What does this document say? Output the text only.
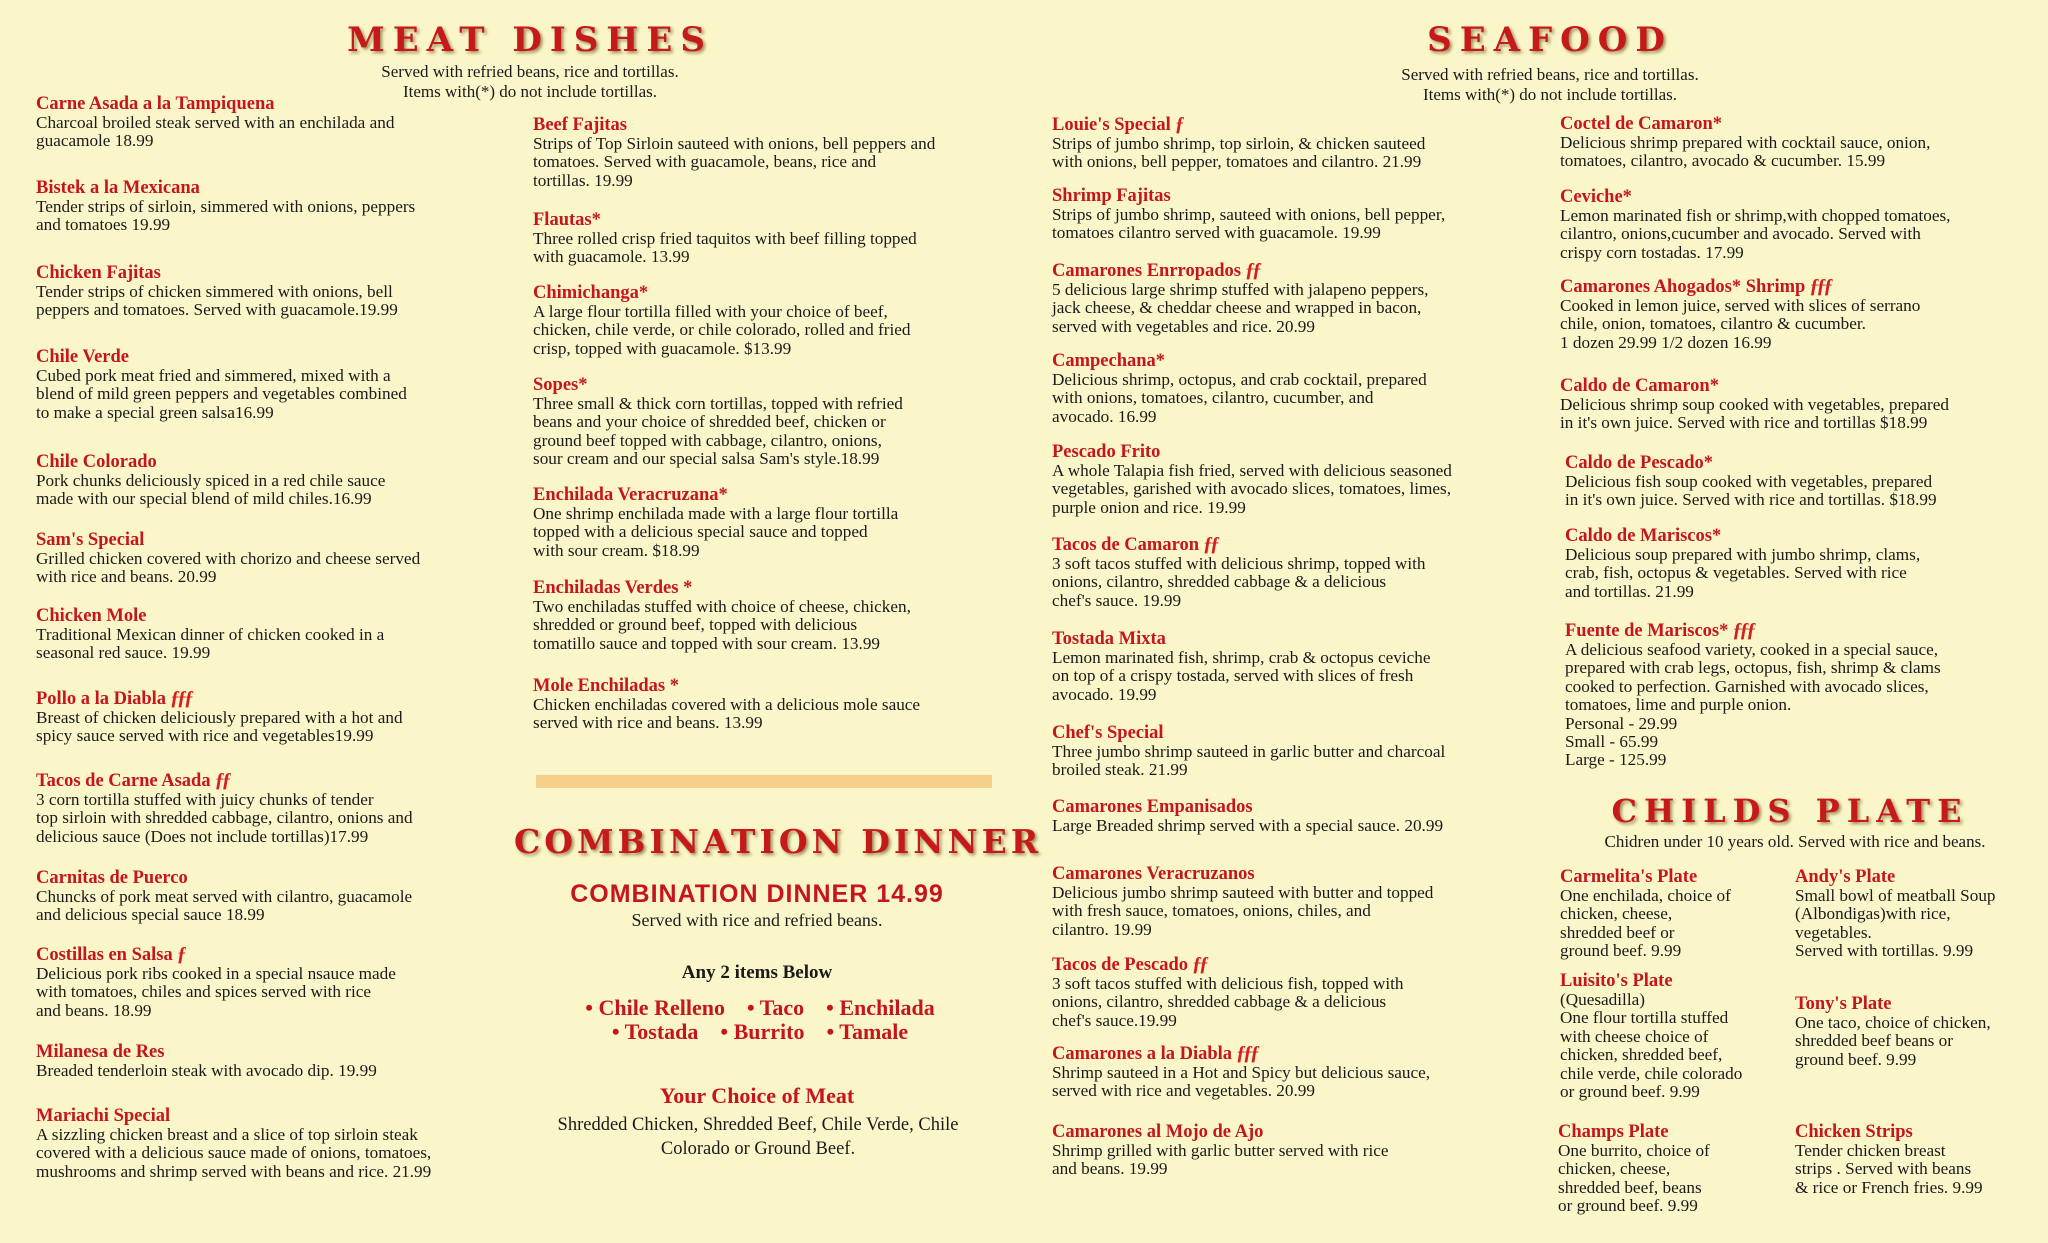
MEAT DISHES
Served with refried beans, rice and tortillas.
Items with(*) do not include tortillas.
Carne Asada a la Tampiquena
Charcoal broiled steak served with an enchilada and
guacamole 18.99
Bistek a la Mexicana
Tender strips of sirloin, simmered with onions, peppers
and tomatoes 19.99
Chicken Fajitas
Tender strips of chicken simmered with onions, bell
peppers and tomatoes. Served with guacamole.19.99
Chile Verde
Cubed pork meat fried and simmered, mixed with a
blend of mild green peppers and vegetables combined
to make a special green salsa16.99
Chile Colorado
Pork chunks deliciously spiced in a red chile sauce
made with our special blend of mild chiles.16.99
Sam's Special
Grilled chicken covered with chorizo and cheese served
with rice and beans. 20.99
Chicken Mole
Traditional Mexican dinner of chicken cooked in a
seasonal red sauce. 19.99
Pollo a la Diabla ƒƒƒ
Breast of chicken deliciously prepared with a hot and
spicy sauce served with rice and vegetables19.99
Tacos de Carne Asada ƒƒ
3 corn tortilla stuffed with juicy chunks of tender
top sirloin with shredded cabbage, cilantro, onions and
delicious sauce (Does not include tortillas)17.99
Carnitas de Puerco
Chuncks of pork meat served with cilantro, guacamole
and delicious special sauce 18.99
Costillas en Salsa ƒ
Delicious pork ribs cooked in a special nsauce made
with tomatoes, chiles and spices served with rice
and beans. 18.99
Milanesa de Res
Breaded tenderloin steak with avocado dip. 19.99
Mariachi Special
A sizzling chicken breast and a slice of top sirloin steak
covered with a delicious sauce made of onions, tomatoes,
mushrooms and shrimp served with beans and rice. 21.99
Beef Fajitas
Strips of Top Sirloin sauteed with onions, bell peppers and
tomatoes. Served with guacamole, beans, rice and
tortillas. 19.99
Flautas*
Three rolled crisp fried taquitos with beef filling topped
with guacamole. 13.99
Chimichanga*
A large flour tortilla filled with your choice of beef,
chicken, chile verde, or chile colorado, rolled and fried
crisp, topped with guacamole. $13.99
Sopes*
Three small & thick corn tortillas, topped with refried
beans and your choice of shredded beef, chicken or
ground beef topped with cabbage, cilantro, onions,
sour cream and our special salsa Sam's style.18.99
Enchilada Veracruzana*
One shrimp enchilada made with a large flour tortilla
topped with a delicious special sauce and topped
with sour cream. $18.99
Enchiladas Verdes *
Two enchiladas stuffed with choice of cheese, chicken,
shredded or ground beef, topped with delicious
tomatillo sauce and topped with sour cream. 13.99
Mole Enchiladas *
Chicken enchiladas covered with a delicious mole sauce
served with rice and beans. 13.99
COMBINATION DINNER
COMBINATION DINNER 14.99
Served with rice and refried beans.
Any 2 items Below
• Chile Relleno    • Taco    • Enchilada
• Tostada    • Burrito    • Tamale
Your Choice of Meat
Shredded Chicken, Shredded Beef, Chile Verde, Chile Colorado or Ground Beef.
SEAFOOD
Served with refried beans, rice and tortillas.
Items with(*) do not include tortillas.
Louie's Special ƒ
Strips of jumbo shrimp, top sirloin, & chicken sauteed
with onions, bell pepper, tomatoes and cilantro. 21.99
Shrimp Fajitas
Strips of jumbo shrimp, sauteed with onions, bell pepper,
tomatoes cilantro served with guacamole. 19.99
Camarones Enrropados ƒƒ
5 delicious large shrimp stuffed with jalapeno peppers,
jack cheese, & cheddar cheese and wrapped in bacon,
served with vegetables and rice. 20.99
Campechana*
Delicious shrimp, octopus, and crab cocktail, prepared
with onions, tomatoes, cilantro, cucumber, and
avocado. 16.99
Pescado Frito
A whole Talapia fish fried, served with delicious seasoned
vegetables, garished with avocado slices, tomatoes, limes,
purple onion and rice. 19.99
Tacos de Camaron ƒƒ
3 soft tacos stuffed with delicious shrimp, topped with
onions, cilantro, shredded cabbage & a delicious
chef's sauce. 19.99
Tostada Mixta
Lemon marinated fish, shrimp, crab & octopus ceviche
on top of a crispy tostada, served with slices of fresh
avocado. 19.99
Chef's Special
Three jumbo shrimp sauteed in garlic butter and charcoal
broiled steak. 21.99
Camarones Empanisados
Large Breaded shrimp served with a special sauce. 20.99
Camarones Veracruzanos
Delicious jumbo shrimp sauteed with butter and topped
with fresh sauce, tomatoes, onions, chiles, and
cilantro. 19.99
Tacos de Pescado ƒƒ
3 soft tacos stuffed with delicious fish, topped with
onions, cilantro, shredded cabbage & a delicious
chef's sauce.19.99
Camarones a la Diabla ƒƒƒ
Shrimp sauteed in a Hot and Spicy but delicious sauce,
served with rice and vegetables. 20.99
Camarones al Mojo de Ajo
Shrimp grilled with garlic butter served with rice
and beans. 19.99
Coctel de Camaron*
Delicious shrimp prepared with cocktail sauce, onion,
tomatoes, cilantro, avocado & cucumber. 15.99
Ceviche*
Lemon marinated fish or shrimp,with chopped tomatoes,
cilantro, onions,cucumber and avocado. Served with
crispy corn tostadas. 17.99
Camarones Ahogados* Shrimp ƒƒƒ
Cooked in lemon juice, served with slices of serrano
chile, onion, tomatoes, cilantro & cucumber.
1 dozen 29.99 1/2 dozen 16.99
Caldo de Camaron*
Delicious shrimp soup cooked with vegetables, prepared
in it's own juice. Served with rice and tortillas $18.99
Caldo de Pescado*
Delicious fish soup cooked with vegetables, prepared
in it's own juice. Served with rice and tortillas. $18.99
Caldo de Mariscos*
Delicious soup prepared with jumbo shrimp, clams,
crab, fish, octopus & vegetables. Served with rice
and tortillas. 21.99
Fuente de Mariscos* ƒƒƒ
A delicious seafood variety, cooked in a special sauce,
prepared with crab legs, octopus, fish, shrimp & clams
cooked to perfection. Garnished with avocado slices,
tomatoes, lime and purple onion.
Personal - 29.99
Small - 65.99
Large - 125.99
CHILDS PLATE
Chidren under 10 years old. Served with rice and beans.
Carmelita's Plate
One enchilada, choice of
chicken, cheese,
shredded beef or
ground beef. 9.99
Luisito's Plate
(Quesadilla)
One flour tortilla stuffed
with cheese choice of
chicken, shredded beef,
chile verde, chile colorado
or ground beef. 9.99
Champs Plate
One burrito, choice of
chicken, cheese,
shredded beef, beans
or ground beef. 9.99
Andy's Plate
Small bowl of meatball Soup
(Albondigas)with rice,
vegetables.
Served with tortillas. 9.99
Tony's Plate
One taco, choice of chicken,
shredded beef beans or
ground beef. 9.99
Chicken Strips
Tender chicken breast
strips . Served with beans
& rice or French fries. 9.99
